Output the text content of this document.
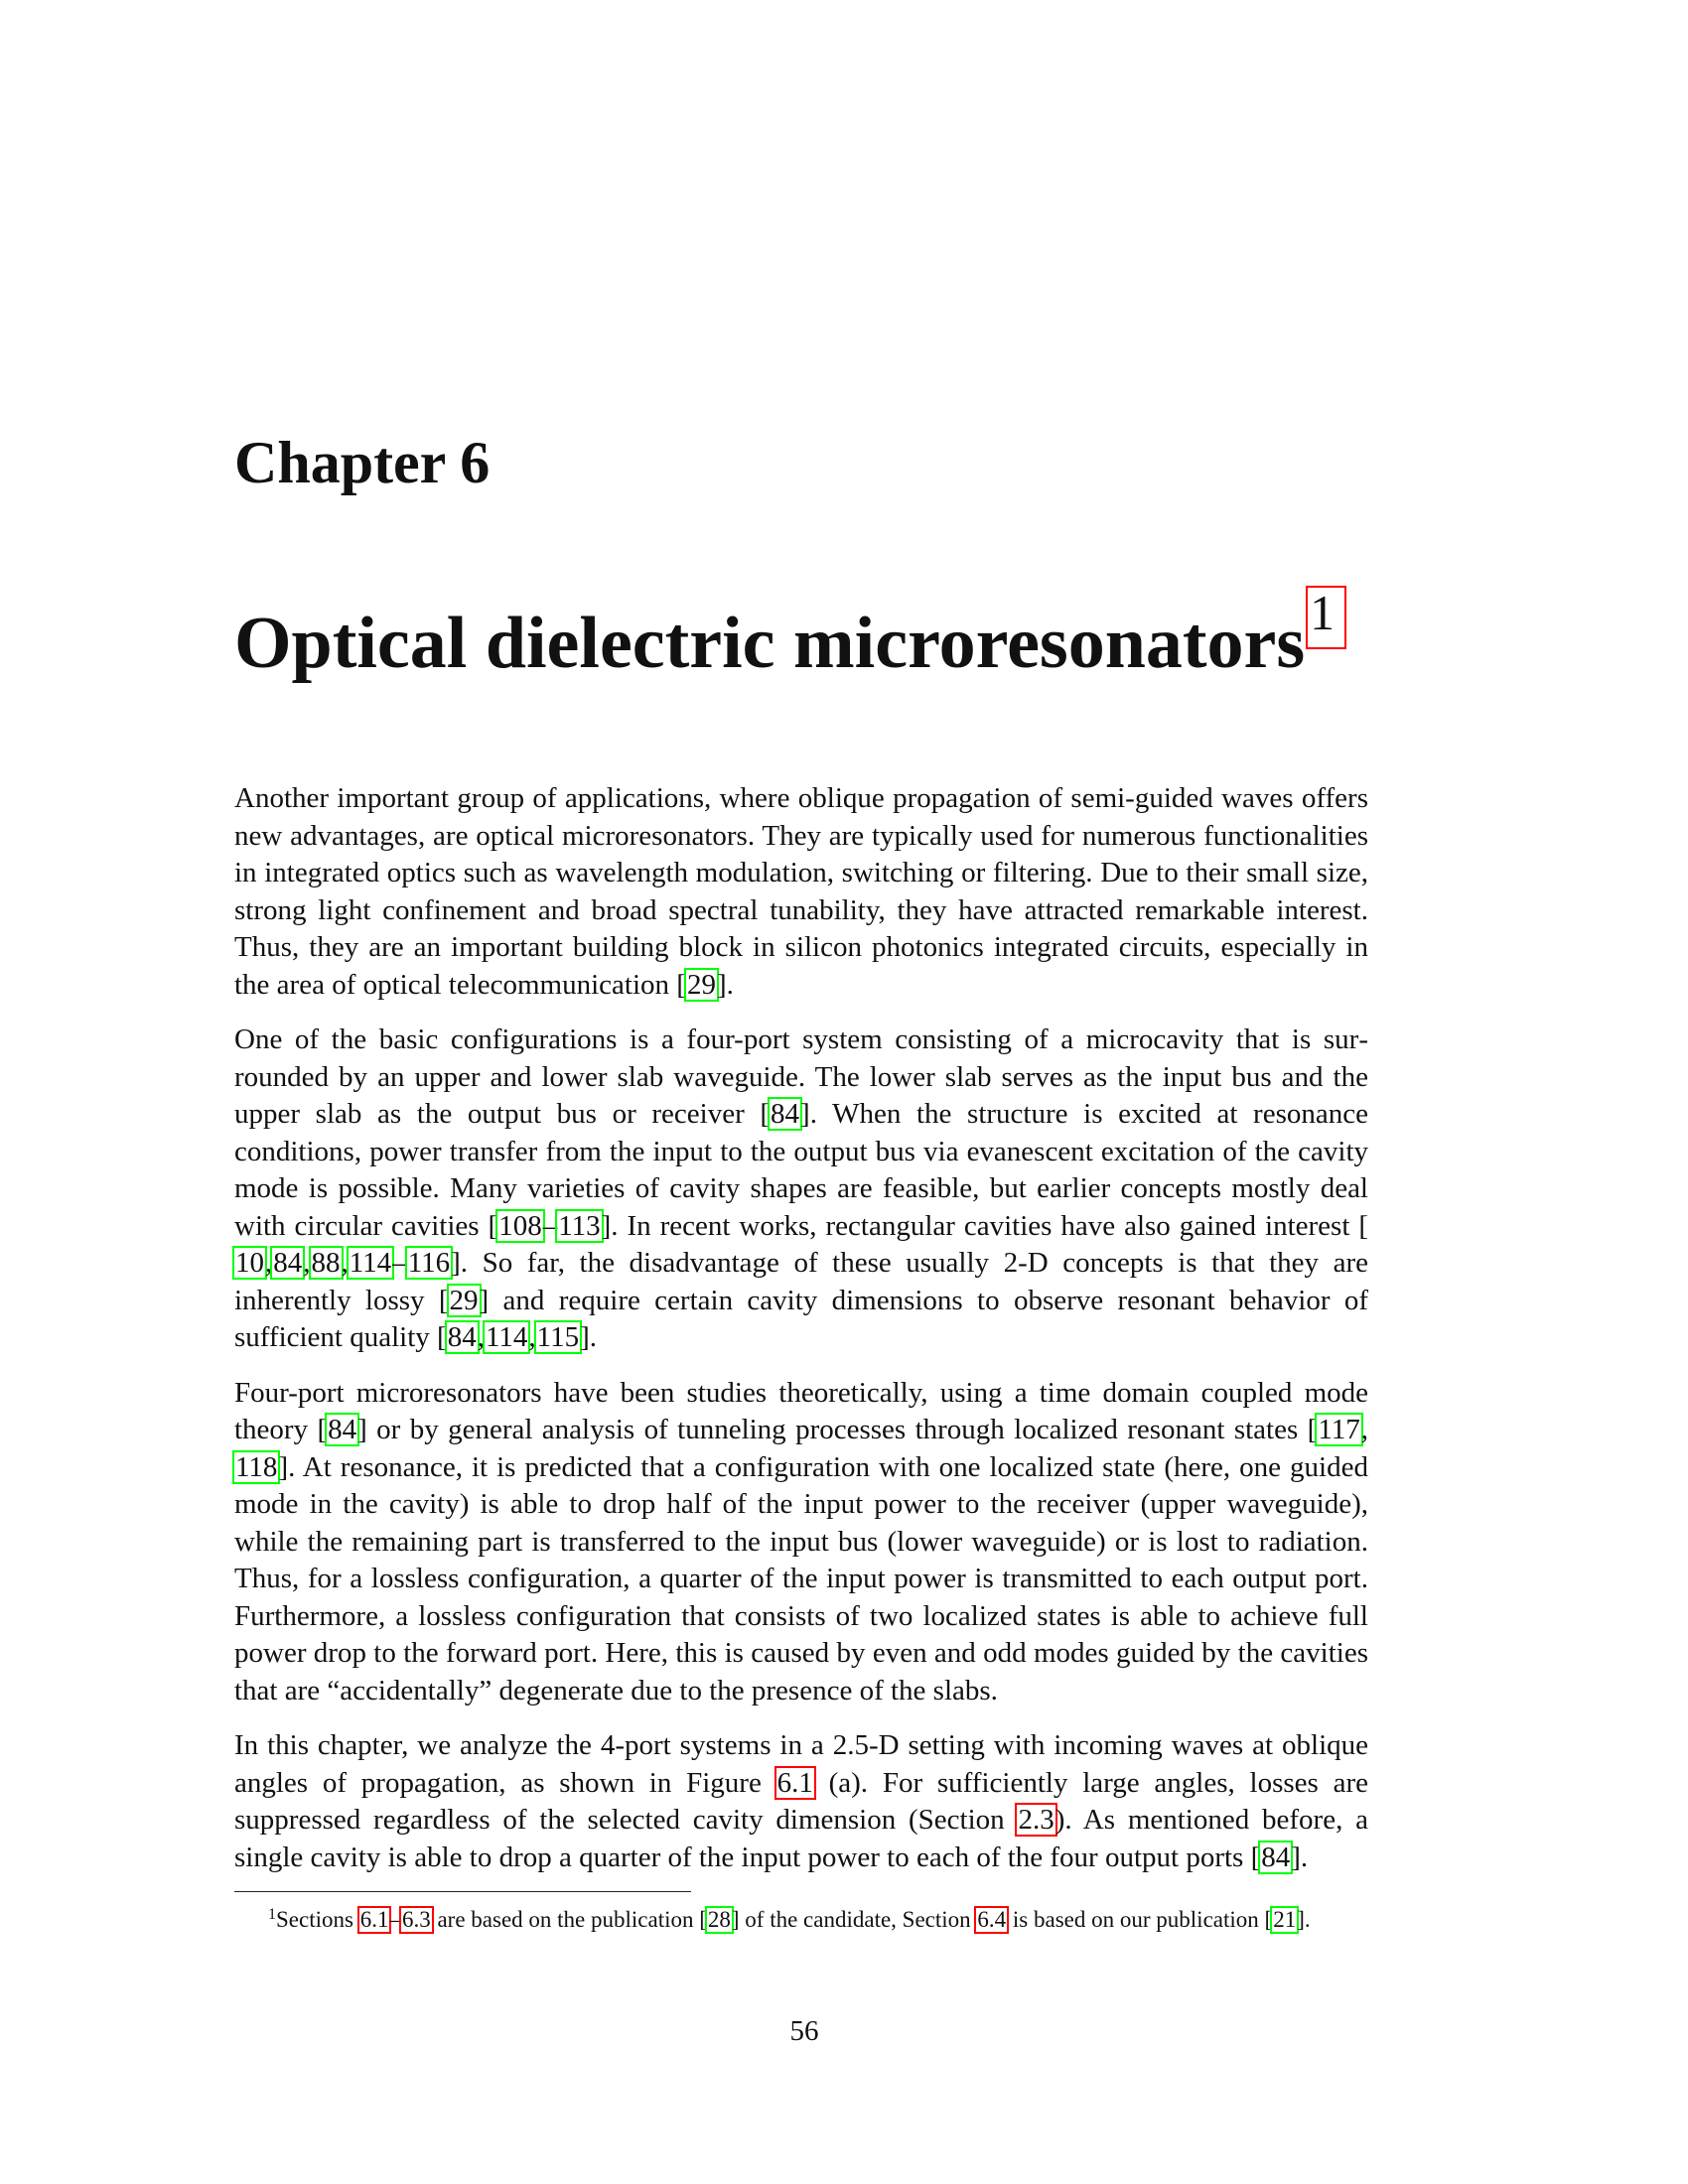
Chapter 6
Optical dielectric microresonators 1

Another important group of applications, where oblique propagation of semi-guided waves offers new advantages, are optical microresonators. They are typically used for numerous functionalities in integrated optics such as wavelength modulation, switching or filtering. Due to their small size, strong light confinement and broad spectral tunability, they have attracted remarkable interest. Thus, they are an important building block in silicon photonics integrated circuits, especially in the area of optical telecommunication [29].

One of the basic configurations is a four-port system consisting of a microcavity that is surrounded by an upper and lower slab waveguide. The lower slab serves as the input bus and the upper slab as the output bus or receiver [84]. When the structure is excited at resonance conditions, power transfer from the input to the output bus via evanescent excitation of the cavity mode is possible. Many varieties of cavity shapes are feasible, but earlier concepts mostly deal with circular cavities [108–113]. In recent works, rectangular cavities have also gained interest [10,84,88,114–116]. So far, the disadvantage of these usually 2-D concepts is that they are inherently lossy [29] and require certain cavity dimensions to observe resonant behavior of sufficient quality [84,114,115].

Four-port microresonators have been studies theoretically, using a time domain coupled mode theory [84] or by general analysis of tunneling processes through localized resonant states [117, 118]. At resonance, it is predicted that a configuration with one localized state (here, one guided mode in the cavity) is able to drop half of the input power to the receiver (upper waveguide), while the remaining part is transferred to the input bus (lower waveguide) or is lost to radiation. Thus, for a lossless configuration, a quarter of the input power is transmitted to each output port. Furthermore, a lossless configuration that consists of two localized states is able to achieve full power drop to the forward port. Here, this is caused by even and odd modes guided by the cavities that are “accidentally” degenerate due to the presence of the slabs.

In this chapter, we analyze the 4-port systems in a 2.5-D setting with incoming waves at oblique angles of propagation, as shown in Figure 6.1 (a). For sufficiently large angles, losses are suppressed regardless of the selected cavity dimension (Section 2.3). As mentioned before, a single cavity is able to drop a quarter of the input power to each of the four output ports [84].

$^1$Sections 6.1–6.3 are based on the publication [28] of the candidate, Section 6.4 is based on our publication [21].
56
